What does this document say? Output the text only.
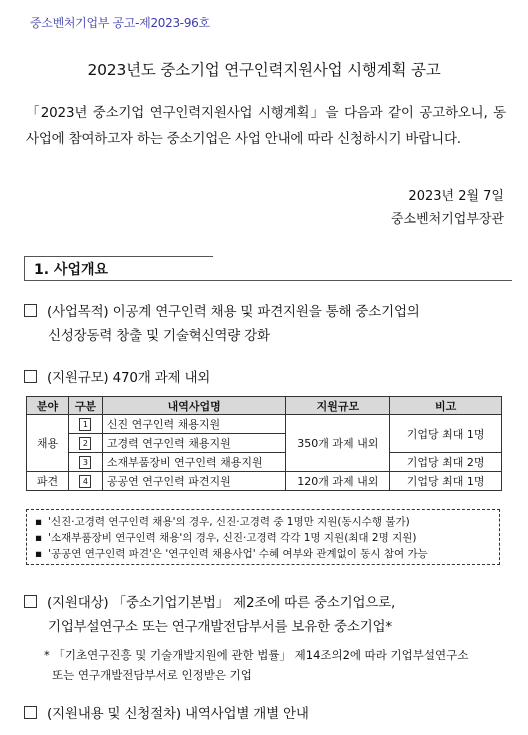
중소벤처기업부 공고-제2023-96호
2023년도 중소기업 연구인력지원사업 시행계획 공고
「2023년 중소기업 연구인력지원사업 시행계획」을 다음과 같이 공고하오니, 동 사업에 참여하고자 하는 중소기업은 사업 안내에 따라 신청하시기 바랍니다.
2023년 2월 7일
중소벤처기업부장관
1. 사업개요
(사업목적) 이공계 연구인력 채용 및 파견지원을 통해 중소기업의
신성장동력 창출 및 기술혁신역량 강화
(지원규모) 470개 과제 내외
분야	구분	내역사업명	지원규모	비고
채용	1	신진 연구인력 채용지원	350개 과제 내외	기업당 최대 1명
	2	고경력 연구인력 채용지원		
	3	소재부품장비 연구인력 채용지원		기업당 최대 2명
파견	4	공공연 연구인력 파견지원	120개 과제 내외	기업당 최대 1명
▪ '신진·고경력 연구인력 채용'의 경우, 신진·고경력 중 1명만 지원(동시수행 불가)
▪ '소재부품장비 연구인력 채용'의 경우, 신진·고경력 각각 1명 지원(최대 2명 지원)
▪ '공공연 연구인력 파견'은 '연구인력 채용사업' 수혜 여부와 관계없이 동시 참여 가능
(지원대상) 「중소기업기본법」 제2조에 따른 중소기업으로,
기업부설연구소 또는 연구개발전담부서를 보유한 중소기업*
* 「기초연구진흥 및 기술개발지원에 관한 법률」 제14조의2에 따라 기업부설연구소
또는 연구개발전담부서로 인정받은 기업
(지원내용 및 신청절차) 내역사업별 개별 안내
